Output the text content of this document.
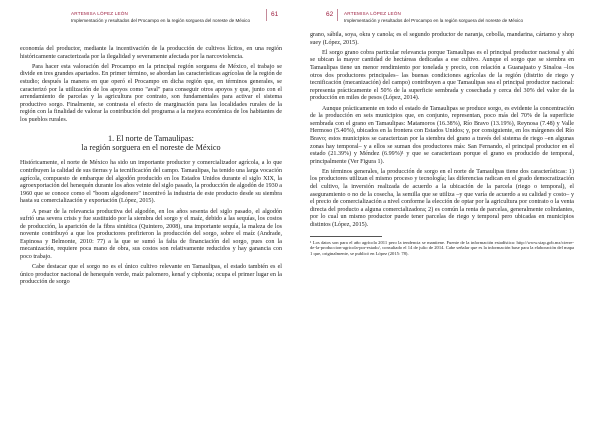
ARTEMISA LÓPEZ LEÓN
Implementación y resultados del Procampo en la región sorguera del noreste de México
61

economía del productor, mediante la incentivación de la producción de cultivos lícitos, en una región históricamente caracterizada por la ilegalidad y severamente afectada por la narcoviolencia.

Para hacer esta valoración del Procampo en la principal región sorguera de México, el trabajo se divide en tres grandes apartados. En primer término, se abordan las características agrícolas de la región de estudio; después la manera en que operó el Procampo en dicha región que, en términos generales, se caracterizó por la utilización de los apoyos como "aval" para conseguir otros apoyos y que, junto con el arrendamiento de parcelas y la agricultura por contrato, son fundamentales para activar el sistema productivo sorgo. Finalmente, se contrasta el efecto de marginación para las localidades rurales de la región con la finalidad de valorar la contribución del programa a la mejora económica de los habitantes de los pueblos rurales.

1. El norte de Tamaulipas:
la región sorguera en el noreste de México

Históricamente, el norte de México ha sido un importante productor y comercializador agrícola, a lo que contribuyen la calidad de sus tierras y la tecnificación del campo. Tamaulipas, ha tenido una larga vocación agrícola, compuesto de embarque del algodón producido en los Estados Unidos durante el siglo XIX, la agroexportación del henequén durante los años veinte del siglo pasado, la producción de algodón de 1930 a 1960 que se conoce como el "boom algodonero" incentivó la industria de este producto desde su siembra hasta su comercialización y exportación (López, 2015).

A pesar de la relevancia productiva del algodón, en los años sesenta del siglo pasado, el algodón sufrió una severa crisis y fue sustituido por la siembra del sorgo y el maíz, debido a las sequías, los costos de producción, la aparición de la fibra sintética (Quintero, 2008), una importante sequía, la maleza de los novente contribuyó a que los productores prefirieron la producción del sorgo, sobre el maíz (Andrade, Espinosa y Belmonte, 2010: 77) a la que se sumó la falta de financiación del sorgo, pues con la mecanización, requiere poca mano de obra, sus costos son relativamente reducidos y hay ganancia con poco trabajo.

Cabe destacar que el sorgo no es el único cultivo relevante en Tamaulipas, el estado también es el único productor nacional de henequén verde, maíz palomero, kenaf y cipbonia; ocupa el primer lugar en la producción de sorgo

62	ARTEMISA LÓPEZ LEÓN
Implementación y resultados del Procampo en la región sorguera del noreste de México

grano, sábila, soya, okra y canola; es el segundo productor de naranja, cebolla, mandarina, cártamo y shop suey (López, 2015).

El sorgo grano cobra particular relevancia porque Tamaulipas es el principal productor nacional y ahí se ubican la mayor cantidad de hectáreas dedicadas a ese cultivo. Aunque el sorgo que se siembra en Tamaulipas tiene un menor rendimiento por tonelada y precio, con relación a Guanajuato y Sinaloa –los otros dos productores principales– las buenas condiciones agrícolas de la región (distrito de riego y tecnificación (mecanización) del campo) contribuyen a que Tamaulipas sea el principal productor nacional: representa prácticamente el 50% de la superficie sembrada y cosechada y cerca del 30% del valor de la producción en miles de pesos (López, 2014).

Aunque prácticamente en todo el estado de Tamaulipas se produce sorgo, es evidente la concentración de la producción en seis municipios que, en conjunto, representan, poco más del 70% de la superficie sembrada con el grano en Tamaulipas: Matamoros (16.38%), Río Bravo (13.19%), Reynosa (7.48) y Valle Hermoso (5.40%), ubicados en la frontera con Estados Unidos; y, por consiguiente, en los márgenes del Río Bravo; estos municipios se caracterizan por la siembra del grano a través del sistema de riego –en algunas zonas hay temporal– y a ellos se suman dos productores más: San Fernando, el principal productor en el estado (21.39%) y Méndez (6.99%)¹ y que se caracterizan porque el grano es producido de temporal, principalmente (Ver Figura 1).

En términos generales, la producción de sorgo en el norte de Tamaulipas tiene dos características: 1) los productores utilizan el mismo proceso y tecnología; las diferencias radican en el grado democratización del cultivo, la inversión realizada de acuerdo a la ubicación de la parcela (riego o temporal), el aseguramiento o no de la cosecha, la semilla que se utiliza –y que varía de acuerdo a su calidad y costo– y el precio de comercialización a nivel conforme la elección de optar por la agricultura por contrato o la venta directa del producto a alguna comercializadora; 2) es común la renta de parcelas, generalmente colindantes, por lo cual un mismo productor puede tener parcelas de riego y temporal pero ubicadas en municipios distintos (López, 2015).

¹ Los datos son para el año agrícola 2011 pero la tendencia se mantiene. Fuente de la información estadística: http://www.siap.gob.mx/cierre-de-la-produccion-agricola-por-estado/, consultado el 14 de julio de 2014. Cabe señalar que es la información base para la elaboración del mapa 1 que, originalmente, se publicó en López (2015: 78).
